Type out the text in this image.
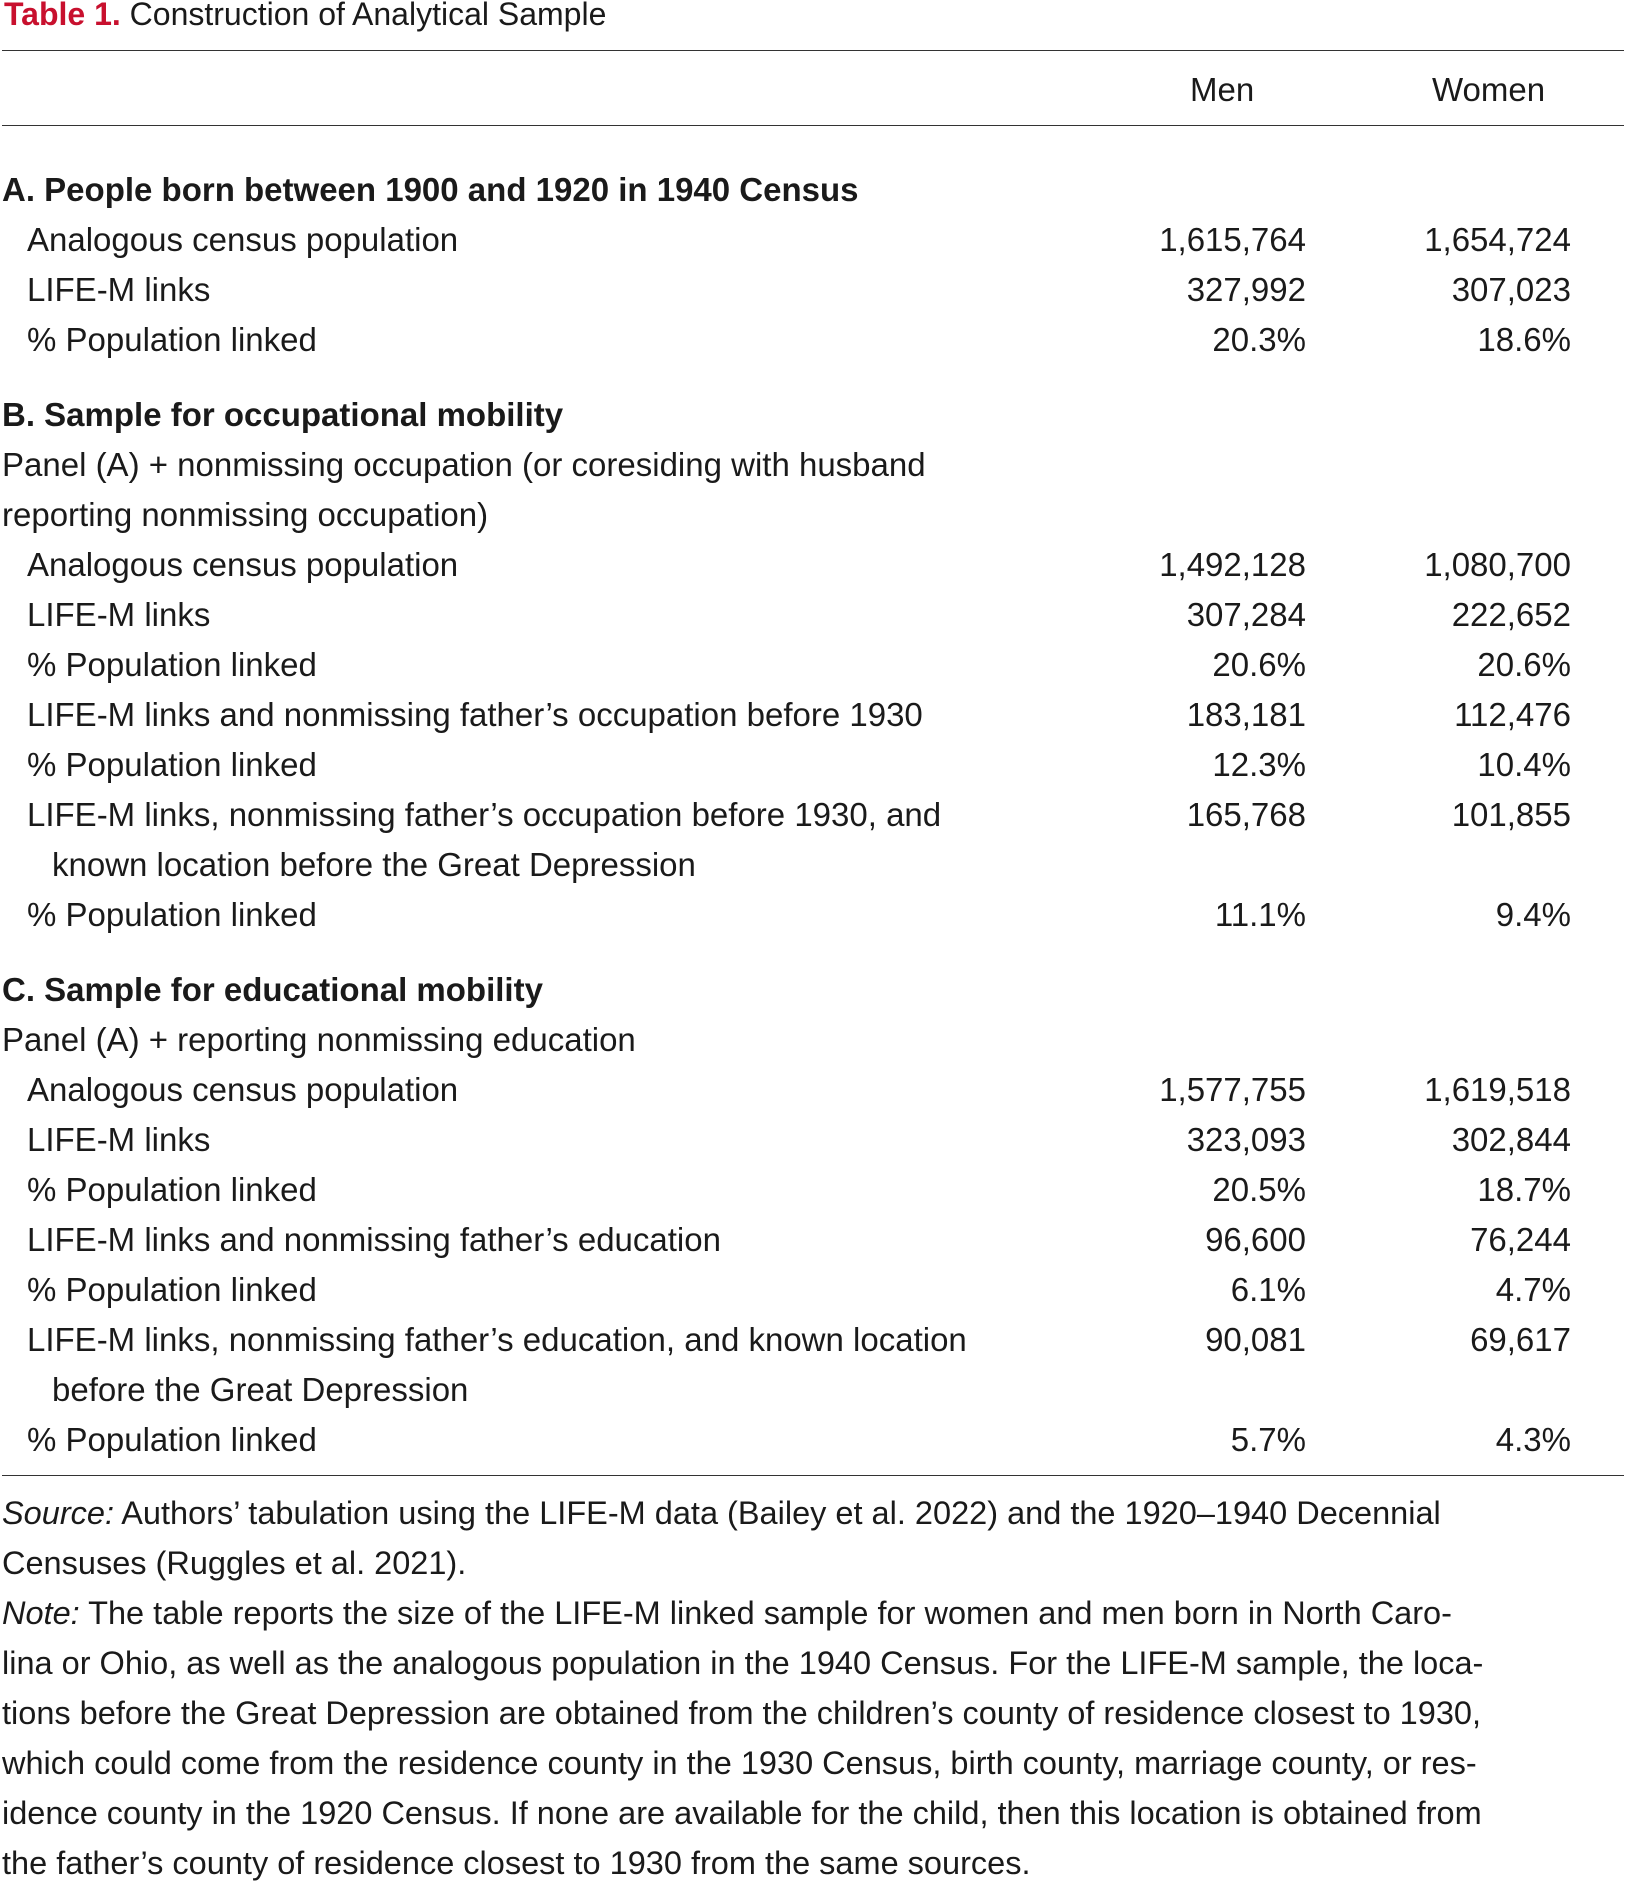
Table 1. Construction of Analytical Sample
Men	Women
A. People born between 1900 and 1920 in 1940 Census
Analogous census population	1,615,764	1,654,724
LIFE-M links	327,992	307,023
% Population linked	20.3%	18.6%
B. Sample for occupational mobility
Panel (A) + nonmissing occupation (or coresiding with husband
reporting nonmissing occupation)
Analogous census population	1,492,128	1,080,700
LIFE-M links	307,284	222,652
% Population linked	20.6%	20.6%
LIFE-M links and nonmissing father’s occupation before 1930	183,181	112,476
% Population linked	12.3%	10.4%
LIFE-M links, nonmissing father’s occupation before 1930, and	165,768	101,855
known location before the Great Depression
% Population linked	11.1%	9.4%
C. Sample for educational mobility
Panel (A) + reporting nonmissing education
Analogous census population	1,577,755	1,619,518
LIFE-M links	323,093	302,844
% Population linked	20.5%	18.7%
LIFE-M links and nonmissing father’s education	96,600	76,244
% Population linked	6.1%	4.7%
LIFE-M links, nonmissing father’s education, and known location	90,081	69,617
before the Great Depression
% Population linked	5.7%	4.3%

Source: Authors’ tabulation using the LIFE-M data (Bailey et al. 2022) and the 1920–1940 Decennial

Censuses (Ruggles et al. 2021).

Note: The table reports the size of the LIFE-M linked sample for women and men born in North Caro-

lina or Ohio, as well as the analogous population in the 1940 Census. For the LIFE-M sample, the loca-

tions before the Great Depression are obtained from the children’s county of residence closest to 1930,

which could come from the residence county in the 1930 Census, birth county, marriage county, or res-

idence county in the 1920 Census. If none are available for the child, then this location is obtained from

the father’s county of residence closest to 1930 from the same sources.
